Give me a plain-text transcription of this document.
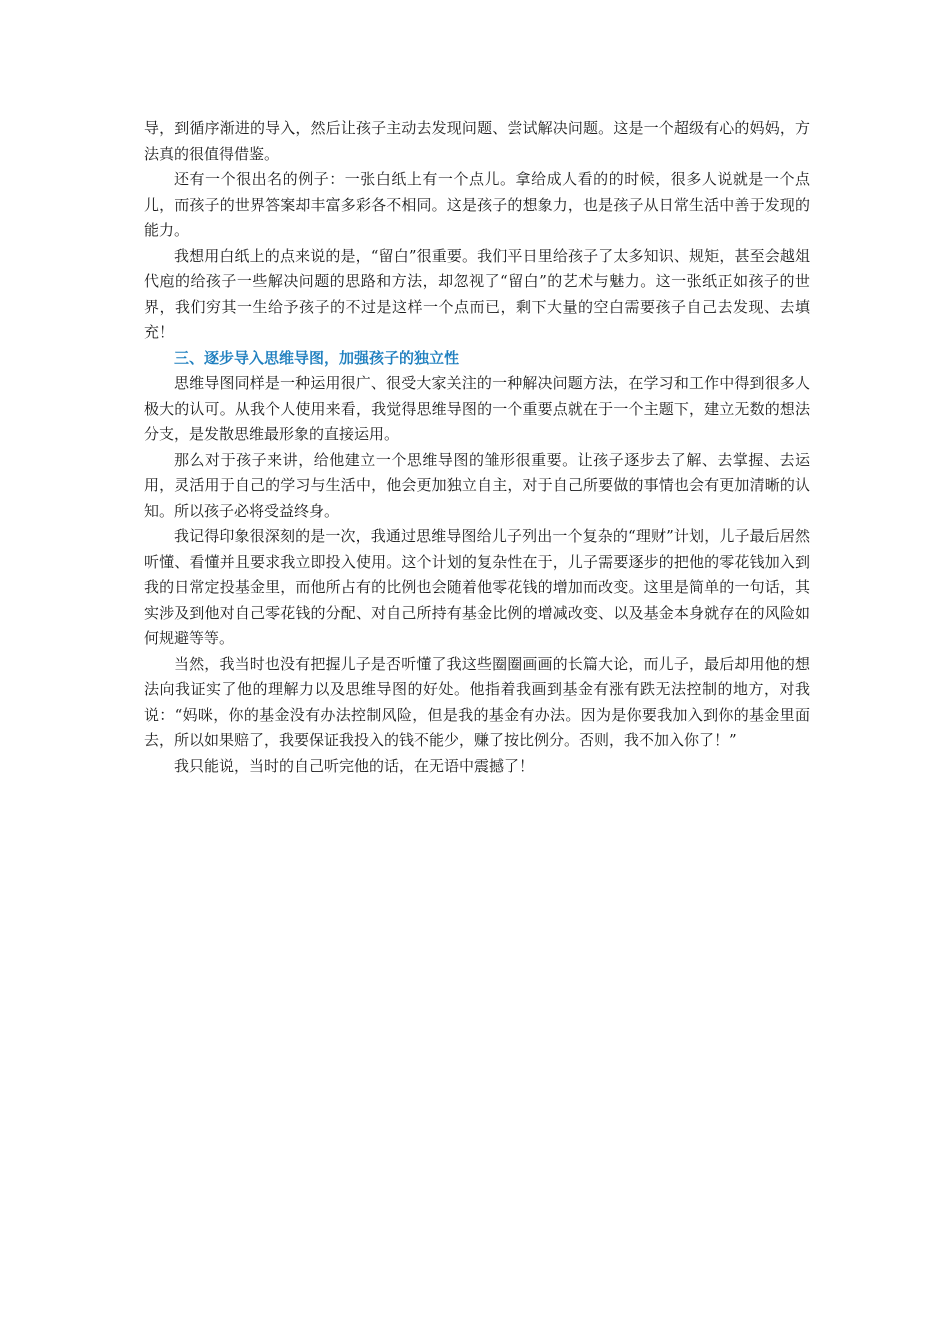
导，到循序渐进的导入，然后让孩子主动去发现问题、尝试解决问题。这是一个超级有心的妈妈，方法真的很值得借鉴。

还有一个很出名的例子：一张白纸上有一个点儿。拿给成人看的的时候，很多人说就是一个点儿，而孩子的世界答案却丰富多彩各不相同。这是孩子的想象力，也是孩子从日常生活中善于发现的能力。

我想用白纸上的点来说的是，“留白”很重要。我们平日里给孩子了太多知识、规矩，甚至会越俎代庖的给孩子一些解决问题的思路和方法，却忽视了“留白”的艺术与魅力。这一张纸正如孩子的世界，我们穷其一生给予孩子的不过是这样一个点而已，剩下大量的空白需要孩子自己去发现、去填充！

三、逐步导入思维导图，加强孩子的独立性

思维导图同样是一种运用很广、很受大家关注的一种解决问题方法，在学习和工作中得到很多人极大的认可。从我个人使用来看，我觉得思维导图的一个重要点就在于一个主题下，建立无数的想法分支，是发散思维最形象的直接运用。

那么对于孩子来讲，给他建立一个思维导图的雏形很重要。让孩子逐步去了解、去掌握、去运用，灵活用于自己的学习与生活中，他会更加独立自主，对于自己所要做的事情也会有更加清晰的认知。所以孩子必将受益终身。

我记得印象很深刻的是一次，我通过思维导图给儿子列出一个复杂的“理财”计划，儿子最后居然听懂、看懂并且要求我立即投入使用。这个计划的复杂性在于，儿子需要逐步的把他的零花钱加入到我的日常定投基金里，而他所占有的比例也会随着他零花钱的增加而改变。这里是简单的一句话，其实涉及到他对自己零花钱的分配、对自己所持有基金比例的增减改变、以及基金本身就存在的风险如何规避等等。

当然，我当时也没有把握儿子是否听懂了我这些圈圈画画的长篇大论，而儿子，最后却用他的想法向我证实了他的理解力以及思维导图的好处。他指着我画到基金有涨有跌无法控制的地方，对我说：“妈咪，你的基金没有办法控制风险，但是我的基金有办法。因为是你要我加入到你的基金里面去，所以如果赔了，我要保证我投入的钱不能少，赚了按比例分。否则，我不加入你了！”

我只能说，当时的自己听完他的话，在无语中震撼了！
